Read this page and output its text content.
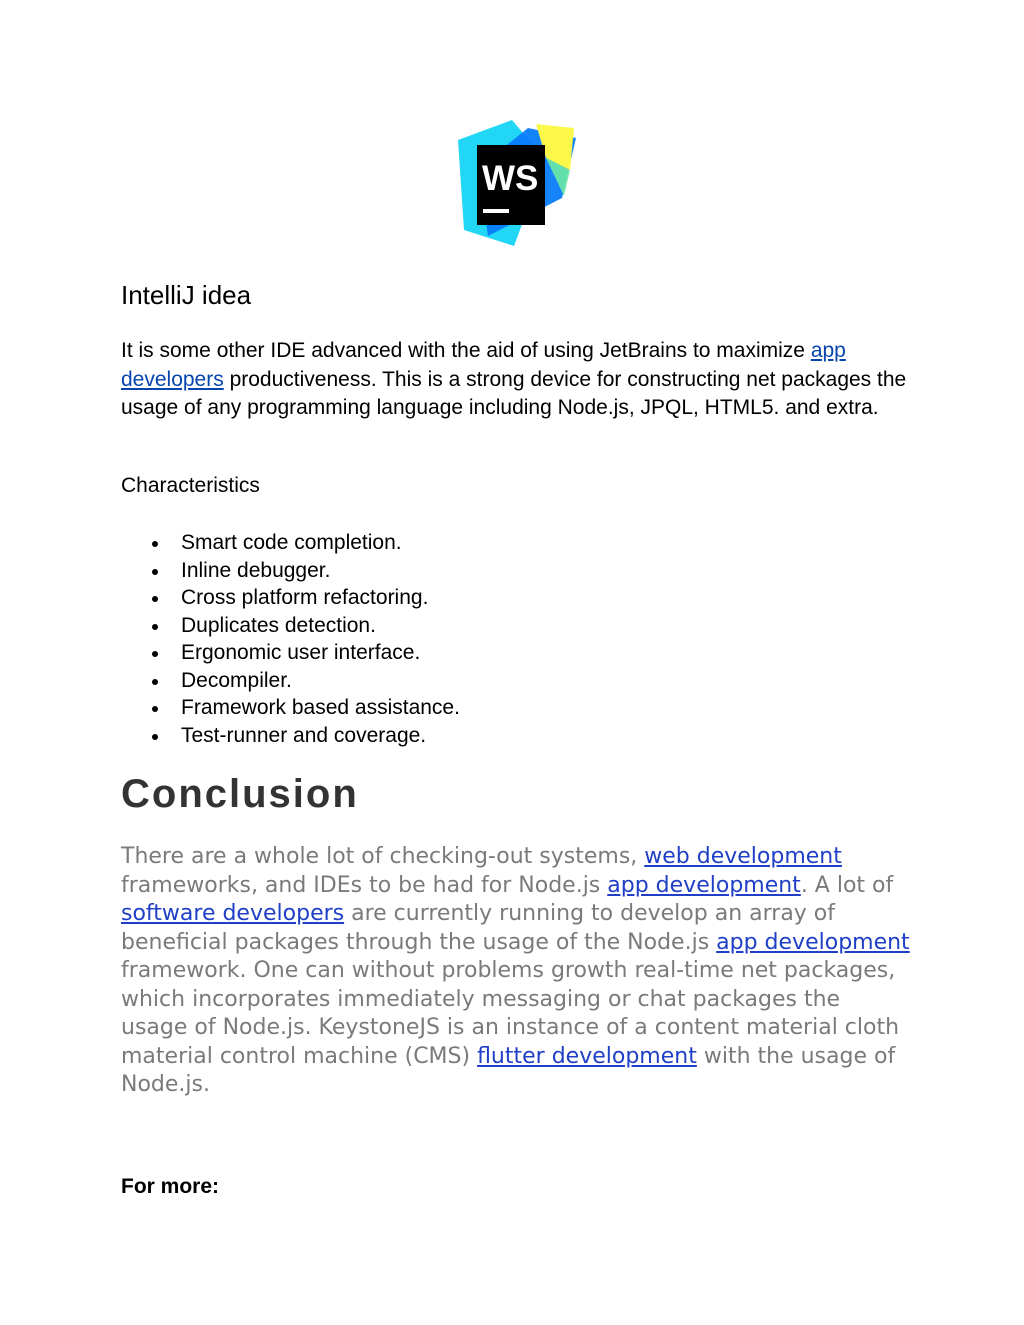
WS
IntelliJ idea

It is some other IDE advanced with the aid of using JetBrains to maximize app developers productiveness. This is a strong device for constructing net packages the usage of any programming language including Node.js, JPQL, HTML5. and extra.

Characteristics

Smart code completion.
Inline debugger.
Cross platform refactoring.
Duplicates detection.
Ergonomic user interface.
Decompiler.
Framework based assistance.
Test-runner and coverage.
Conclusion

There are a whole lot of checking-out systems, web development frameworks, and IDEs to be had for Node.js app development. A lot of software developers are currently running to develop an array of beneficial packages through the usage of the Node.js app development framework. One can without problems growth real-time net packages, which incorporates immediately messaging or chat packages the usage of Node.js. KeystoneJS is an instance of a content material cloth material control machine (CMS) flutter development with the usage of Node.js.

For more:
